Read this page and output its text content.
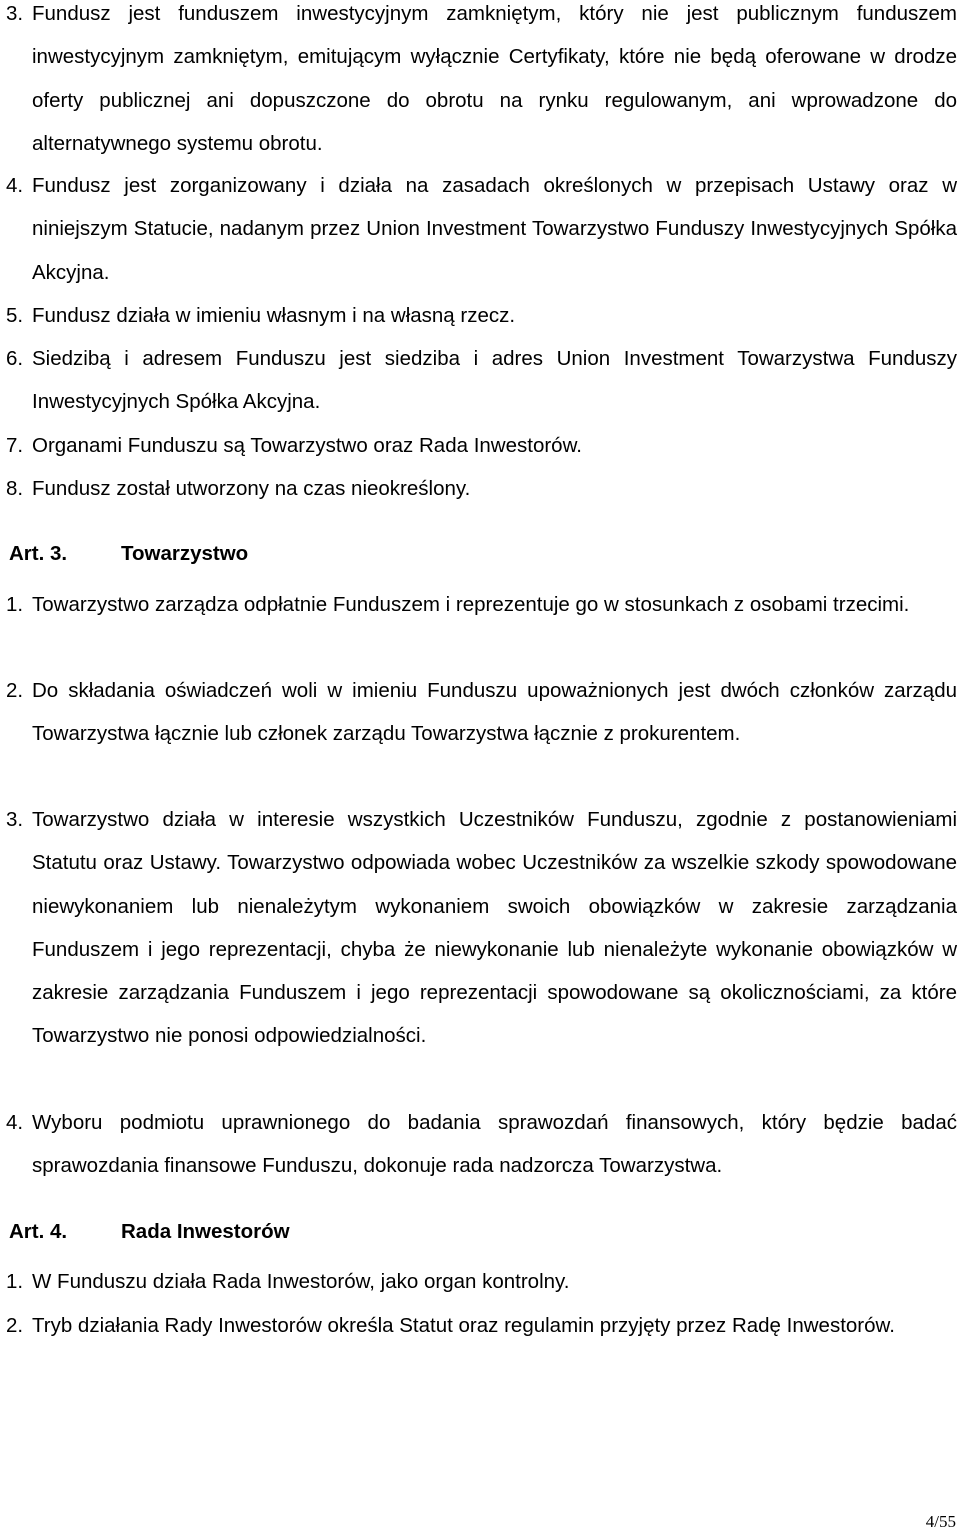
3. Fundusz jest funduszem inwestycyjnym zamkniętym, który nie jest publicznym funduszem inwestycyjnym zamkniętym, emitującym wyłącznie Certyfikaty, które nie będą oferowane w drodze oferty publicznej ani dopuszczone do obrotu na rynku regulowanym, ani wprowadzone do alternatywnego systemu obrotu.
4. Fundusz jest zorganizowany i działa na zasadach określonych w przepisach Ustawy oraz w niniejszym Statucie, nadanym przez Union Investment Towarzystwo Funduszy Inwestycyjnych Spółka Akcyjna.
5. Fundusz działa w imieniu własnym i na własną rzecz.
6. Siedzibą i adresem Funduszu jest siedziba i adres Union Investment Towarzystwa Funduszy Inwestycyjnych Spółka Akcyjna.
7. Organami Funduszu są Towarzystwo oraz Rada Inwestorów.
8. Fundusz został utworzony na czas nieokreślony.
Art. 3.	Towarzystwo
1. Towarzystwo zarządza odpłatnie Funduszem i reprezentuje go w stosunkach z osobami trzecimi.
2. Do składania oświadczeń woli w imieniu Funduszu upoważnionych jest dwóch członków zarządu Towarzystwa łącznie lub członek zarządu Towarzystwa łącznie z prokurentem.
3. Towarzystwo działa w interesie wszystkich Uczestników Funduszu, zgodnie z postanowieniami Statutu oraz Ustawy. Towarzystwo odpowiada wobec Uczestników za wszelkie szkody spowodowane niewykonaniem lub nienależytym wykonaniem swoich obowiązków w zakresie zarządzania Funduszem i jego reprezentacji, chyba że niewykonanie lub nienależyte wykonanie obowiązków w zakresie zarządzania Funduszem i jego reprezentacji spowodowane są okolicznościami, za które Towarzystwo nie ponosi odpowiedzialności.
4. Wyboru podmiotu uprawnionego do badania sprawozdań finansowych, który będzie badać sprawozdania finansowe Funduszu, dokonuje rada nadzorcza Towarzystwa.
Art. 4.	Rada Inwestorów
1. W Funduszu działa Rada Inwestorów, jako organ kontrolny.
2. Tryb działania Rady Inwestorów określa Statut oraz regulamin przyjęty przez Radę Inwestorów.
4/55
